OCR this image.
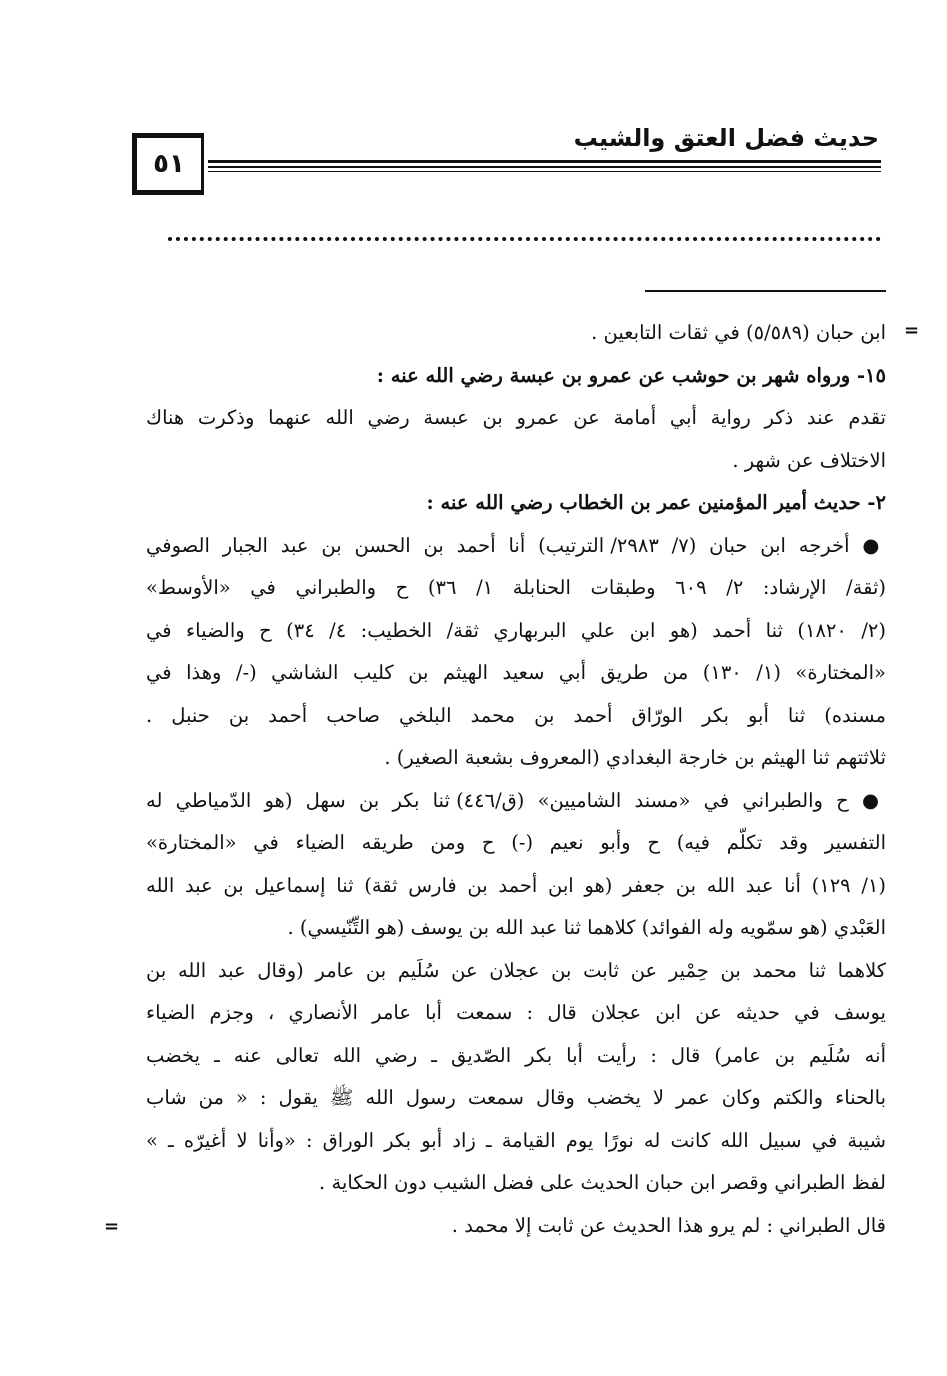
٥١
حديث فضل العتق والشيب
=
=
ابن حبان (٥/٥٨٩) في ثقات التابعين .
١٥- ورواه شهر بن حوشب عن عمرو بن عبسة رضي الله عنه :
تقدم عند ذكر رواية أبي أمامة عن عمرو بن عبسة رضي الله عنهما وذكرت هناك
الاختلاف عن شهر .
٢- حديث أمير المؤمنين عمر بن الخطاب رضي الله عنه :
● أخرجه ابن حبان (٧/ ٢٩٨٣/ الترتيب) أنا أحمد بن الحسن بن عبد الجبار الصوفي
(ثقة/ الإرشاد: ٢/ ٦٠٩ وطبقات الحنابلة ١/ ٣٦) ح والطبراني في «الأوسط»
(٢/ ١٨٢٠) ثنا أحمد (هو ابن علي البربهاري ثقة/ الخطيب: ٤/ ٣٤) ح والضياء في
«المختارة» (١/ ١٣٠) من طريق أبي سعيد الهيثم بن كليب الشاشي (-/ وهذا في
مسنده) ثنا أبو بكر الورّاق أحمد بن محمد البلخي صاحب أحمد بن حنبل .
ثلاثتهم ثنا الهيثم بن خارجة البغدادي (المعروف بشعبة الصغير) .
● ح والطبراني في «مسند الشاميين» (ق/٤٤٦) ثنا بكر بن سهل (هو الدّمياطي له
التفسير وقد تكلّم فيه) ح وأبو نعيم (-) ح ومن طريقه الضياء في «المختارة»
(١/ ١٢٩) أنا عبد الله بن جعفر (هو ابن أحمد بن فارس ثقة) ثنا إسماعيل بن عبد الله
العَبْدي (هو سمّويه وله الفوائد) كلاهما ثنا عبد الله بن يوسف (هو التِّنّيسي) .
كلاهما ثنا محمد بن حِمْير عن ثابت بن عجلان عن سُلَيم بن عامر (وقال عبد الله بن
يوسف في حديثه عن ابن عجلان قال : سمعت أبا عامر الأنصاري ، وجزم الضياء
أنه سُلَيم بن عامر) قال : رأيت أبا بكر الصّديق ـ رضي الله تعالى عنه ـ يخضب
بالحناء والكتم وكان عمر لا يخضب وقال سمعت رسول الله ﷺ يقول : « من شاب
شيبة في سبيل الله كانت له نورًا يوم القيامة ـ زاد أبو بكر الوراق : «وأنا لا أغيرّه ـ »
لفظ الطبراني وقصر ابن حبان الحديث على فضل الشيب دون الحكاية .
قال الطبراني : لم يرو هذا الحديث عن ثابت إلا محمد .
